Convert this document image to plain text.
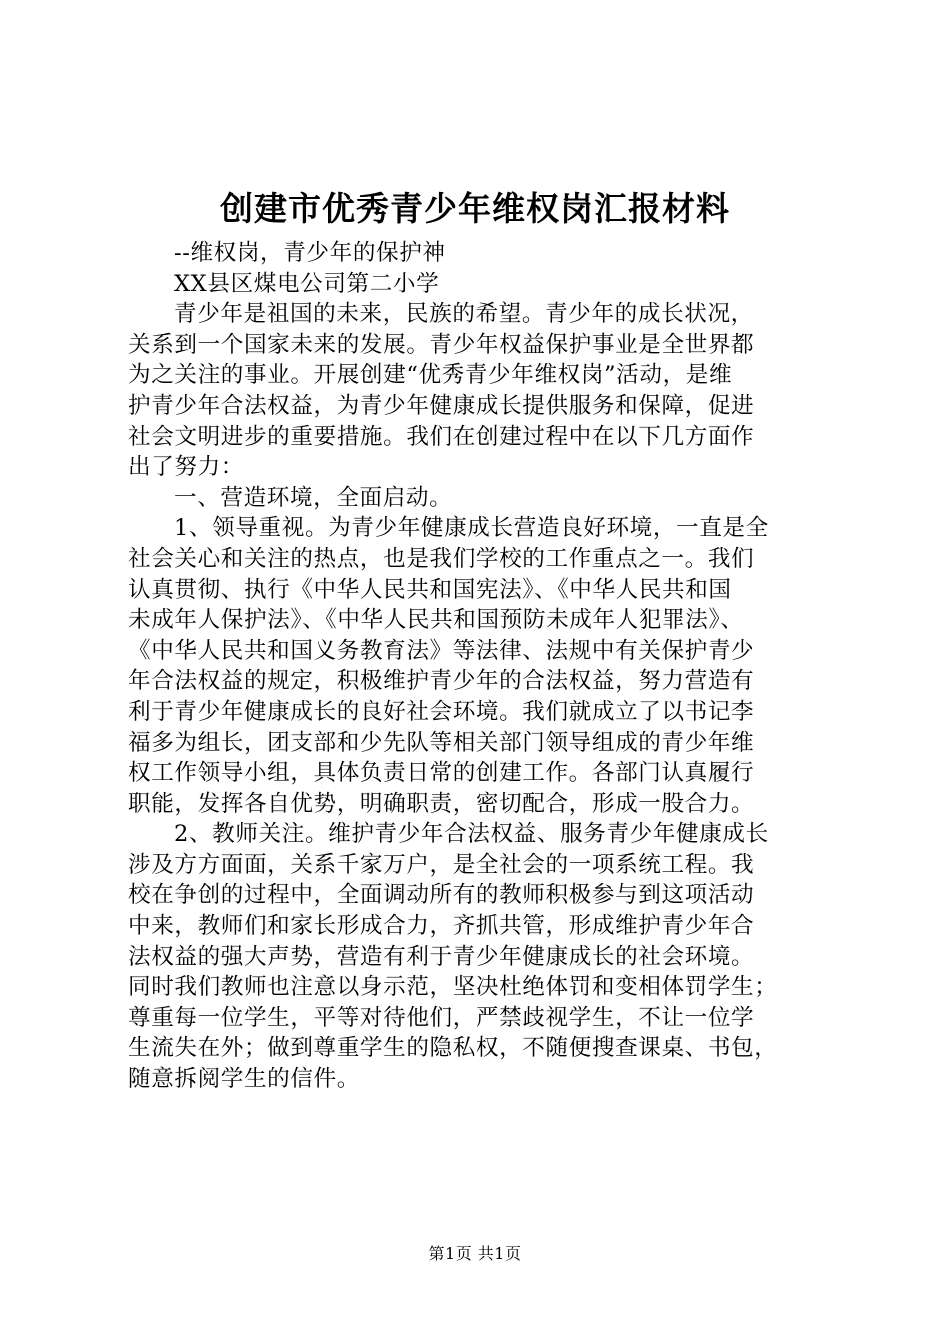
创建市优秀青少年维权岗汇报材料
--维权岗，青少年的保护神
XX县区煤电公司第二小学
青少年是祖国的未来，民族的希望。青少年的成长状况，
关系到一个国家未来的发展。青少年权益保护事业是全世界都
为之关注的事业。开展创建“优秀青少年维权岗”活动，是维
护青少年合法权益，为青少年健康成长提供服务和保障，促进
社会文明进步的重要措施。我们在创建过程中在以下几方面作
出了努力：
一、营造环境，全面启动。
1、领导重视。为青少年健康成长营造良好环境，一直是全
社会关心和关注的热点，也是我们学校的工作重点之一。我们
认真贯彻、执行《中华人民共和国宪法》、《中华人民共和国
未成年人保护法》、《中华人民共和国预防未成年人犯罪法》、
《中华人民共和国义务教育法》等法律、法规中有关保护青少
年合法权益的规定，积极维护青少年的合法权益，努力营造有
利于青少年健康成长的良好社会环境。我们就成立了以书记李
福多为组长，团支部和少先队等相关部门领导组成的青少年维
权工作领导小组，具体负责日常的创建工作。各部门认真履行
职能，发挥各自优势，明确职责，密切配合，形成一股合力。
2、教师关注。维护青少年合法权益、服务青少年健康成长
涉及方方面面，关系千家万户，是全社会的一项系统工程。我
校在争创的过程中，全面调动所有的教师积极参与到这项活动
中来，教师们和家长形成合力，齐抓共管，形成维护青少年合
法权益的强大声势，营造有利于青少年健康成长的社会环境。
同时我们教师也注意以身示范，坚决杜绝体罚和变相体罚学生；
尊重每一位学生，平等对待他们，严禁歧视学生，不让一位学
生流失在外；做到尊重学生的隐私权，不随便搜查课桌、书包，
随意拆阅学生的信件。
第1页 共1页
